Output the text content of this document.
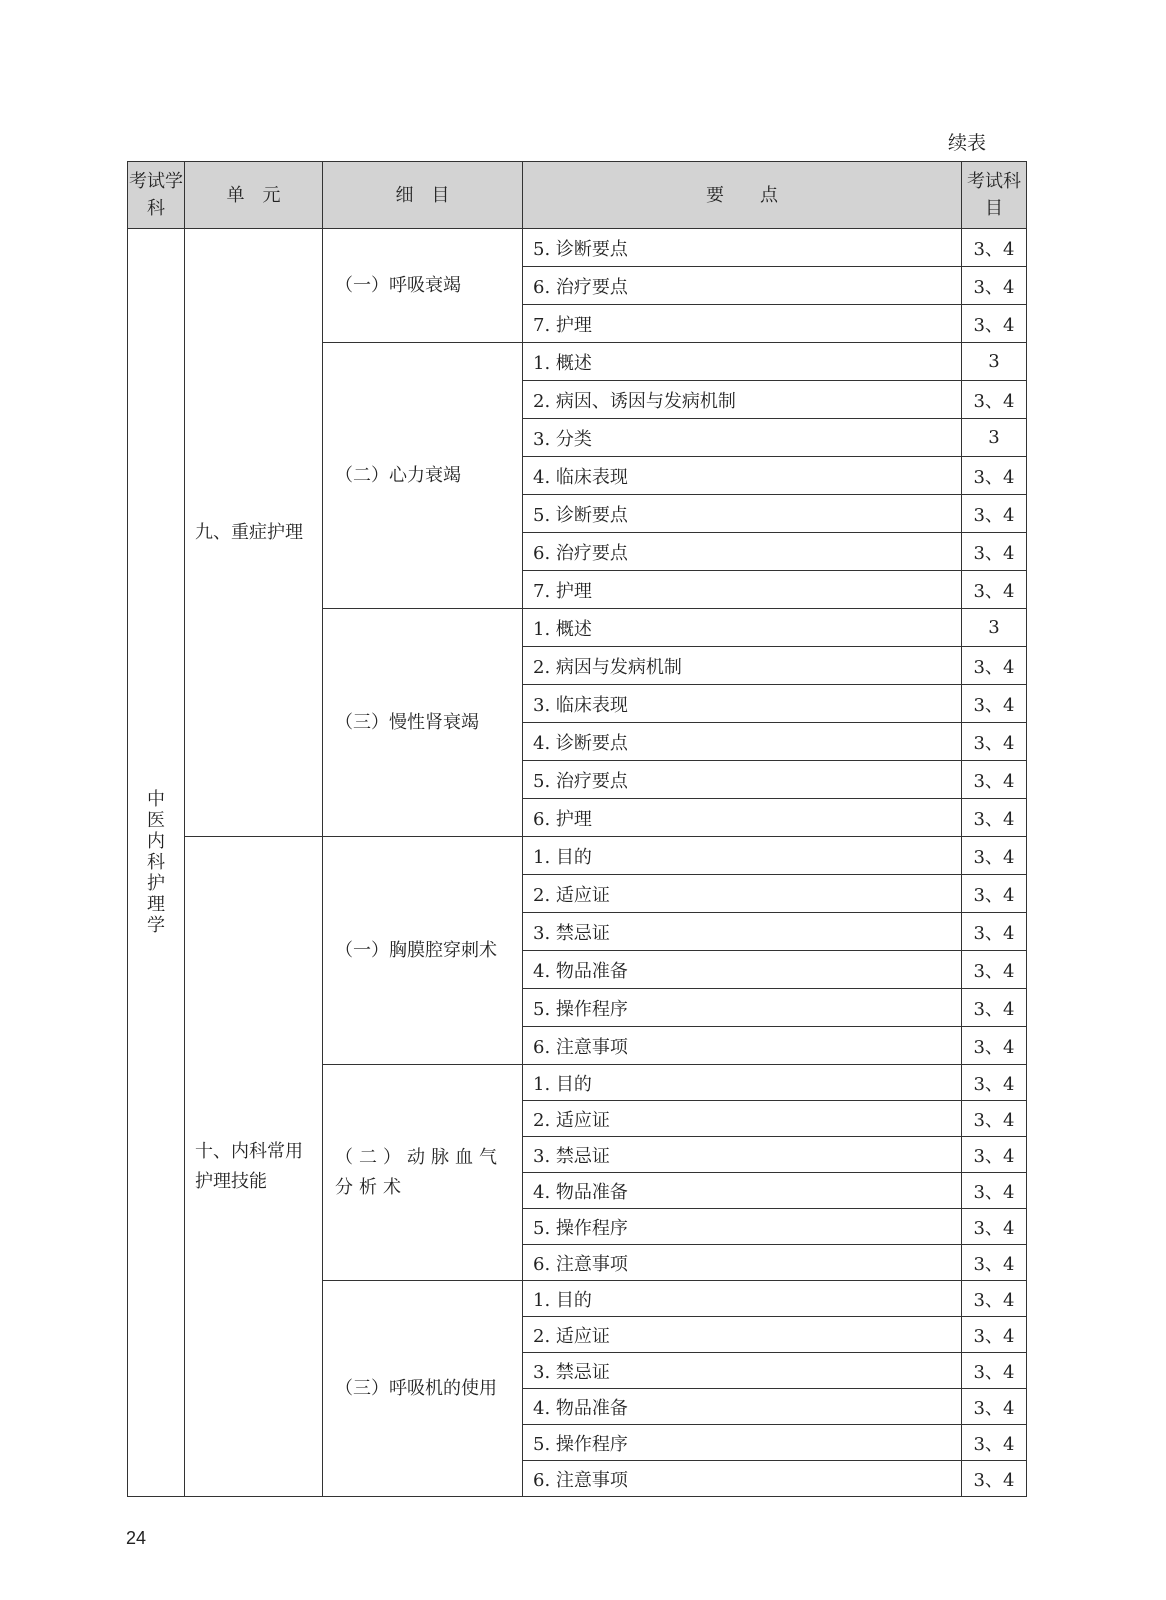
续表
考试学科	单　元	细　目	要　　点	考试科目
中医内科护理学	九、重症护理	（一）呼吸衰竭	5. 诊断要点	3、4
			6. 治疗要点	3、4
			7. 护理	3、4
		（二）心力衰竭	1. 概述	3
			2. 病因、诱因与发病机制	3、4
			3. 分类	3
			4. 临床表现	3、4
			5. 诊断要点	3、4
			6. 治疗要点	3、4
			7. 护理	3、4
		（三）慢性肾衰竭	1. 概述	3
			2. 病因与发病机制	3、4
			3. 临床表现	3、4
			4. 诊断要点	3、4
			5. 治疗要点	3、4
			6. 护理	3、4
	十、内科常用护理技能	（一）胸膜腔穿刺术	1. 目的	3、4
			2. 适应证	3、4
			3. 禁忌证	3、4
			4. 物品准备	3、4
			5. 操作程序	3、4
			6. 注意事项	3、4
		（二）动脉血气分析术	1. 目的	3、4
			2. 适应证	3、4
			3. 禁忌证	3、4
			4. 物品准备	3、4
			5. 操作程序	3、4
			6. 注意事项	3、4
		（三）呼吸机的使用	1. 目的	3、4
			2. 适应证	3、4
			3. 禁忌证	3、4
			4. 物品准备	3、4
			5. 操作程序	3、4
			6. 注意事项	3、4
24
